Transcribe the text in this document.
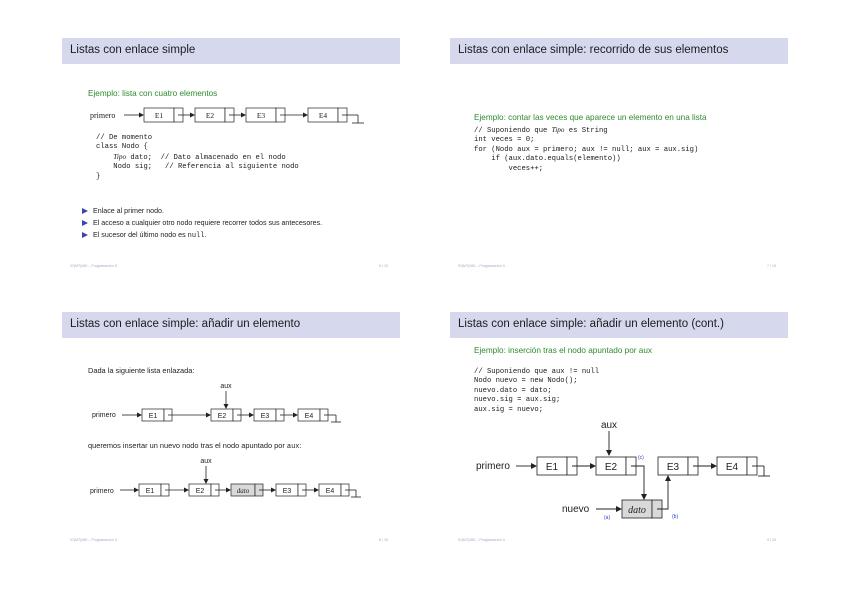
Listas con enlace simple
Ejemplo: lista con cuatro elementos
primero	E1	E2	E3	E4
// De momento
class Nodo {
Tipo dato;  // Dato almacenado en el nodo
Nodo sig;   // Referencia al siguiente nodo
}
Enlace al primer nodo.
El acceso a cualquier otro nodo requiere recorrer todos sus antecesores.
El sucesor del último nodo es null.
IG(MT)080 – Programación II	5 / 15
Listas con enlace simple: recorrido de sus elementos
Ejemplo: contar las veces que aparece un elemento en una lista
// Suponiendo que Tipo es String
int veces = 0;
for (Nodo aux = primero; aux != null; aux = aux.sig)
if (aux.dato.equals(elemento))
veces++;
IG(MT)080 – Programación II	7 / 15
Listas con enlace simple: añadir un elemento
Dada la siguiente lista enlazada:
aux
primero	E1	E2	E3	E4
queremos insertar un nuevo nodo tras el nodo apuntado por aux:
aux
primero	E1	E2	dato	E3	E4
IG(MT)080 – Programación II	8 / 15
Listas con enlace simple: añadir un elemento (cont.)
Ejemplo: inserción tras el nodo apuntado por aux
// Suponiendo que aux != null
Nodo nuevo = new Nodo();
nuevo.dato = dato;
nuevo.sig = aux.sig;
aux.sig = nuevo;
aux
primero	E1	E2
(c)
E3	E4
nuevo
(a)
dato
(b)
IG(MT)080 – Programación II	9 / 15
